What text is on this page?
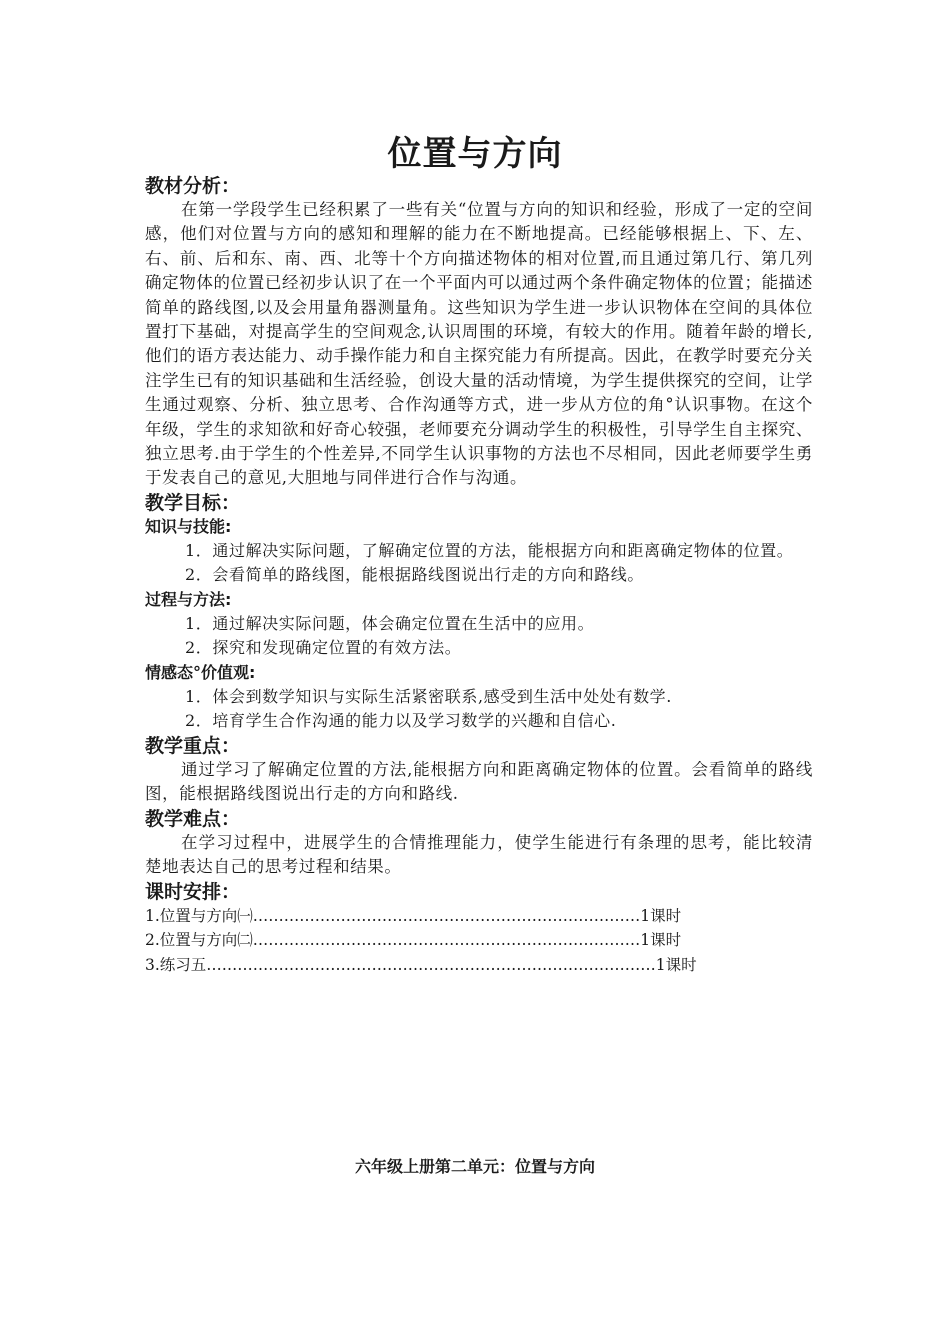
位置与方向
教材分析：

在第一学段学生已经积累了一些有关“位置与方向的知识和经验，形成了一定的空间感，他们对位置与方向的感知和理解的能力在不断地提高。已经能够根据上、下、左、右、前、后和东、南、西、北等十个方向描述物体的相对位置,而且通过第几行、第几列确定物体的位置已经初步认识了在一个平面内可以通过两个条件确定物体的位置；能描述简单的路线图,以及会用量角器测量角。这些知识为学生进一步认识物体在空间的具体位置打下基础，对提高学生的空间观念,认识周围的环境，有较大的作用。随着年龄的增长,他们的语方表达能力、动手操作能力和自主探究能力有所提高。因此，在教学时要充分关注学生已有的知识基础和生活经验，创设大量的活动情境，为学生提供探究的空间，让学生通过观察、分析、独立思考、合作沟通等方式，进一步从方位的角°认识事物。在这个年级，学生的求知欲和好奇心较强，老师要充分调动学生的积极性，引导学生自主探究、独立思考.由于学生的个性差异,不同学生认识事物的方法也不尽相同，因此老师要学生勇于发表自己的意见,大胆地与同伴进行合作与沟通。

教学目标：
知识与技能:

1．通过解决实际问题，了解确定位置的方法，能根据方向和距离确定物体的位置。

2．会看简单的路线图，能根据路线图说出行走的方向和路线。

过程与方法:

1．通过解决实际问题，体会确定位置在生活中的应用。

2．探究和发现确定位置的有效方法。

情感态°价值观:

1．体会到数学知识与实际生活紧密联系,感受到生活中处处有数学.

2．培育学生合作沟通的能力以及学习数学的兴趣和自信心.

教学重点：

通过学习了解确定位置的方法,能根据方向和距离确定物体的位置。会看简单的路线图，能根据路线图说出行走的方向和路线.

教学难点：

在学习过程中，进展学生的合情推理能力，使学生能进行有条理的思考，能比较清楚地表达自己的思考过程和结果。

课时安排：

1.位置与方向㈠…………………………………………………………………1课时

2.位置与方向㈡…………………………………………………………………1课时

3.练习五……………………………………………………………………………1课时

六年级上册第二单元：位置与方向
